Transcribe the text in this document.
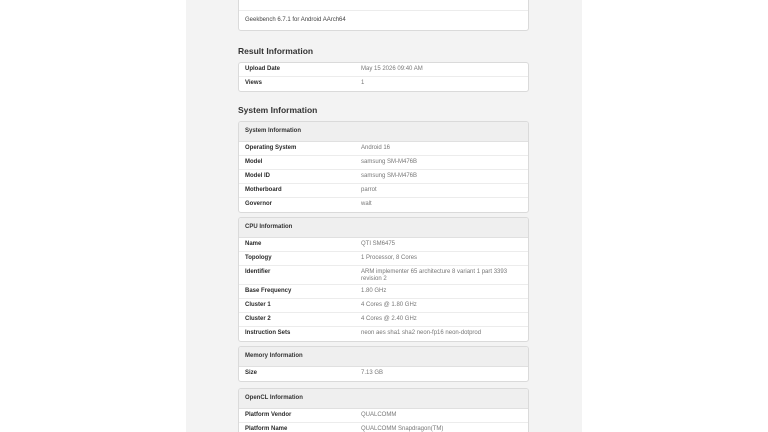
Geekbench 6.7.1 for Android AArch64
Result Information
Upload Date	May 15 2026 09:40 AM
Views	1
System Information
System Information
Operating System	Android 16
Model	samsung SM-M476B
Model ID	samsung SM-M476B
Motherboard	parrot
Governor	walt
CPU Information
Name	QTI SM6475
Topology	1 Processor, 8 Cores
Identifier	ARM implementer 65 architecture 8 variant 1 part 3393 revision 2
Base Frequency	1.80 GHz
Cluster 1	4 Cores @ 1.80 GHz
Cluster 2	4 Cores @ 2.40 GHz
Instruction Sets	neon aes sha1 sha2 neon-fp16 neon-dotprod
Memory Information
Size	7.13 GB
OpenCL Information
Platform Vendor	QUALCOMM
Platform Name	QUALCOMM Snapdragon(TM)
